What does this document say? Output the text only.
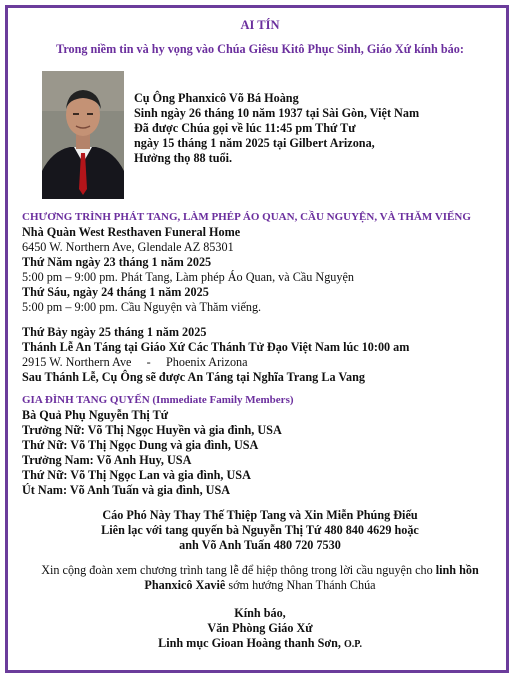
AI TÍN
Trong niềm tin và hy vọng vào Chúa Giêsu Kitô Phục Sinh, Giáo Xứ kính báo:
Cụ Ông Phanxicô Võ Bá Hoàng
Sinh ngày 26 tháng 10 năm 1937 tại Sài Gòn, Việt Nam
Đã được Chúa gọi về lúc 11:45 pm Thứ Tư
ngày 15 tháng 1 năm 2025 tại Gilbert Arizona,
Hưởng thọ 88 tuổi.
CHƯƠNG TRÌNH PHÁT TANG, LÀM PHÉP ÁO QUAN, CẦU NGUYỆN, VÀ THĂM VIẾNG
Nhà Quàn West Resthaven Funeral Home
6450 W. Northern Ave, Glendale AZ 85301
Thứ Năm ngày 23 tháng 1 năm 2025
5:00 pm – 9:00 pm. Phát Tang, Làm phép Áo Quan, và Cầu Nguyện
Thứ Sáu, ngày 24 tháng 1 năm 2025
5:00 pm – 9:00 pm. Cầu Nguyện và Thăm viếng.
Thứ Bảy ngày 25 tháng 1 năm 2025
Thánh Lễ An Táng tại Giáo Xứ Các Thánh Tử Đạo Việt Nam lúc 10:00 am
2915 W. Northern Ave     -     Phoenix Arizona
Sau Thánh Lễ, Cụ Ông sẽ được An Táng tại Nghĩa Trang La Vang
GIA ĐÌNH TANG QUYẾN (Immediate Family Members)
Bà Quả Phụ Nguyễn Thị Tứ
Trưởng Nữ: Võ Thị Ngọc Huyền và gia đình, USA
Thứ Nữ: Võ Thị Ngọc Dung và gia đình, USA
Trưởng Nam: Võ Anh Huy, USA
Thứ Nữ: Võ Thị Ngọc Lan và gia đình, USA
Út Nam: Võ Anh Tuấn và gia đình, USA
Cáo Phó Này Thay Thế Thiệp Tang và Xin Miễn Phúng Điếu
Liên lạc với tang quyến bà Nguyễn Thị Tứ 480 840 4629 hoặc
anh Võ Anh Tuấn 480 720 7530
Xin cộng đoàn xem chương trình tang lễ để hiệp thông trong lời cầu nguyện cho linh hồn
Phanxicô Xaviê sớm hướng Nhan Thánh Chúa
Kính báo,
Văn Phòng Giáo Xứ
Linh mục Gioan Hoàng thanh Sơn, O.P.
